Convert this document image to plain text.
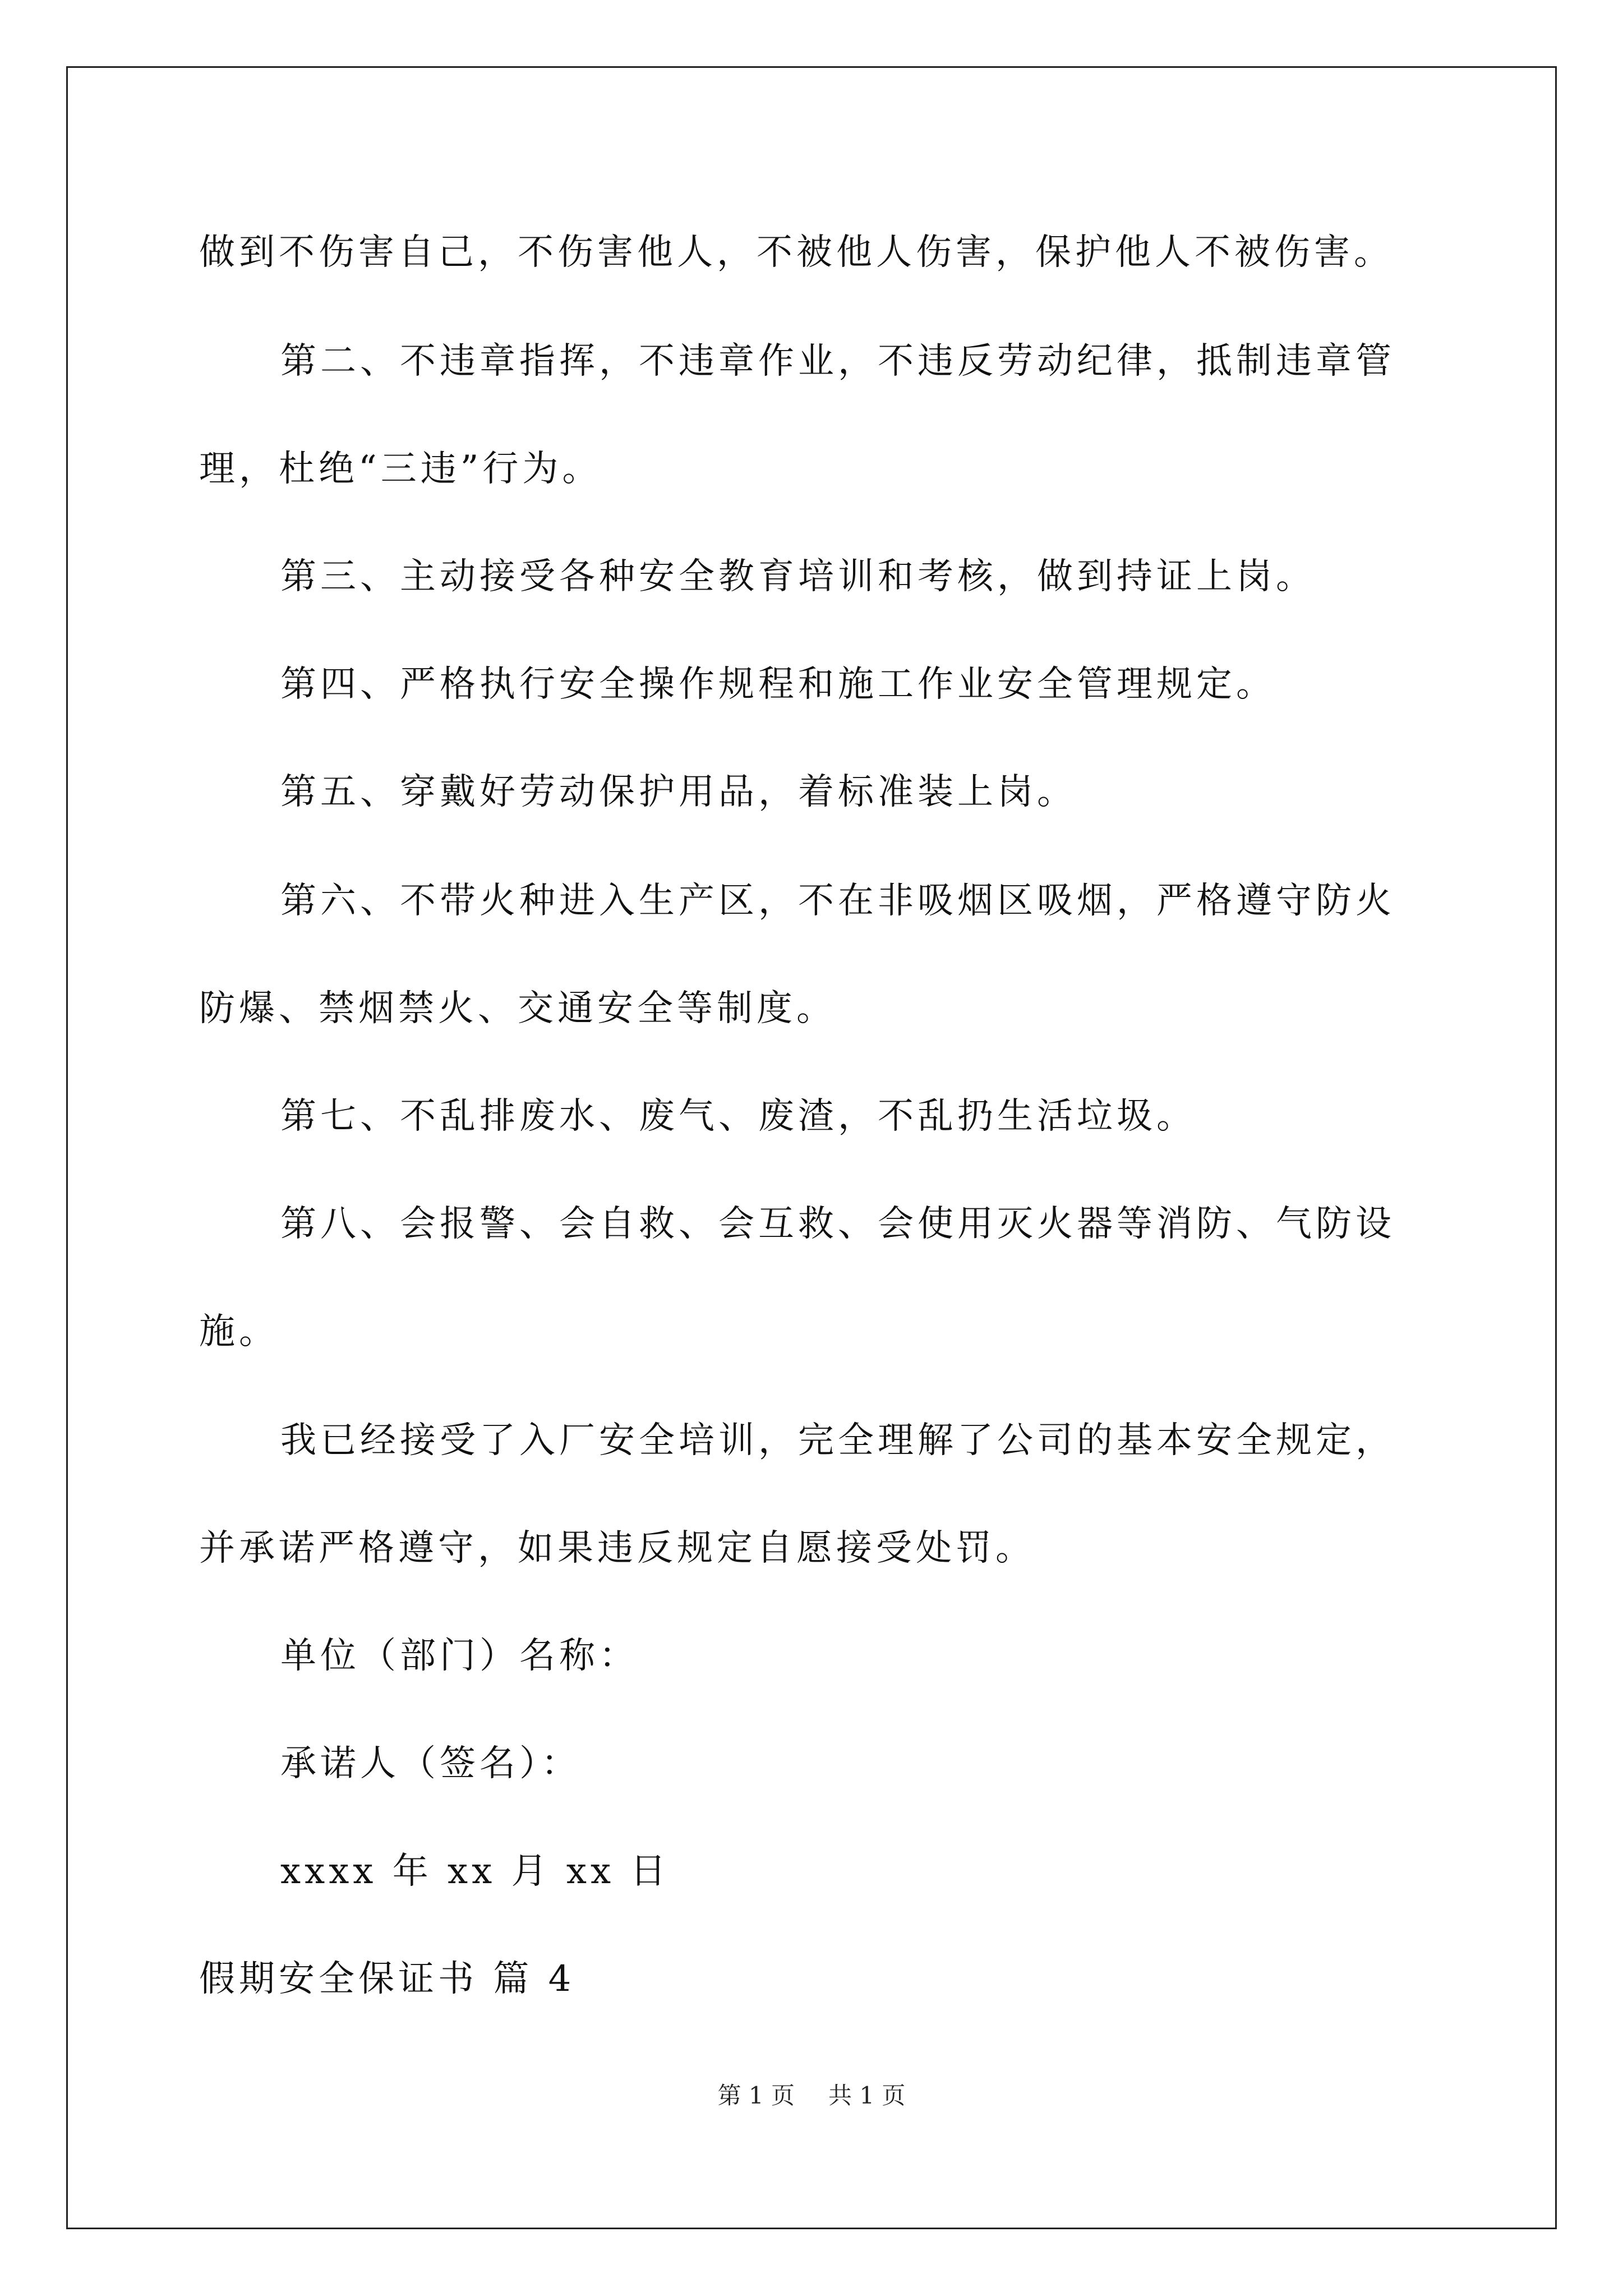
做到不伤害自己，不伤害他人，不被他人伤害，保护他人不被伤害。
第二、不违章指挥，不违章作业，不违反劳动纪律，抵制违章管
理，杜绝“三违”行为。
第三、主动接受各种安全教育培训和考核，做到持证上岗。
第四、严格执行安全操作规程和施工作业安全管理规定。
第五、穿戴好劳动保护用品，着标准装上岗。
第六、不带火种进入生产区，不在非吸烟区吸烟，严格遵守防火
防爆、禁烟禁火、交通安全等制度。
第七、不乱排废水、废气、废渣，不乱扔生活垃圾。
第八、会报警、会自救、会互救、会使用灭火器等消防、气防设
施。
我已经接受了入厂安全培训，完全理解了公司的基本安全规定，
并承诺严格遵守，如果违反规定自愿接受处罚。
单位（部门）名称：
承诺人（签名）：
xxxx 年 xx 月 xx 日
假期安全保证书 篇 4
第 1 页 共 1 页
